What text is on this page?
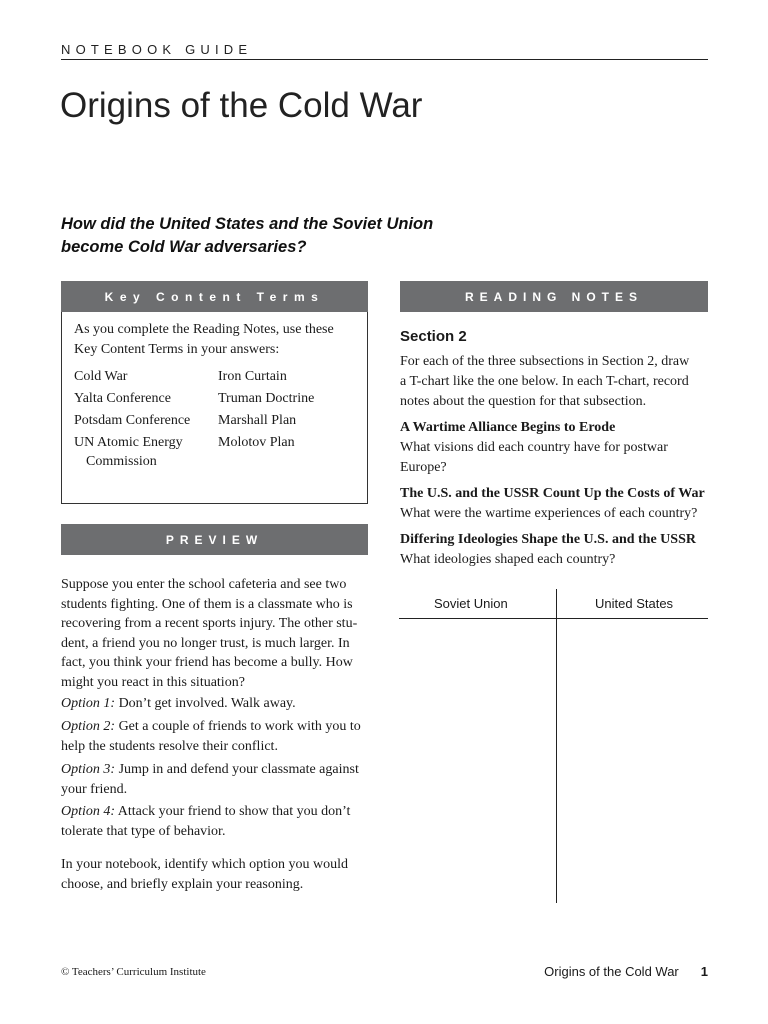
NOTEBOOK GUIDE
Origins of the Cold War
How did the United States and the Soviet Union
become Cold War adversaries?
Key Content Terms
As you complete the Reading Notes, use these
Key Content Terms in your answers:
Cold War
Yalta Conference
Potsdam Conference
UN Atomic Energy
Commission
Iron Curtain
Truman Doctrine
Marshall Plan
Molotov Plan
READING NOTES
Section 2
For each of the three subsections in Section 2, draw
a T-chart like the one below. In each T-chart, record
notes about the question for that subsection.
A Wartime Alliance Begins to Erode
What visions did each country have for postwar
Europe?
The U.S. and the USSR Count Up the Costs of War
What were the wartime experiences of each country?
Differing Ideologies Shape the U.S. and the USSR
What ideologies shaped each country?
Soviet Union	United States
PREVIEW
Suppose you enter the school cafeteria and see two
students fighting. One of them is a classmate who is
recovering from a recent sports injury. The other stu-
dent, a friend you no longer trust, is much larger. In
fact, you think your friend has become a bully. How
might you react in this situation?
Option 1: Don’t get involved. Walk away.
Option 2: Get a couple of friends to work with you to
help the students resolve their conflict.
Option 3: Jump in and defend your classmate against
your friend.
Option 4: Attack your friend to show that you don’t
tolerate that type of behavior.
In your notebook, identify which option you would
choose, and briefly explain your reasoning.
© Teachers’ Curriculum Institute	Origins of the Cold War 1
